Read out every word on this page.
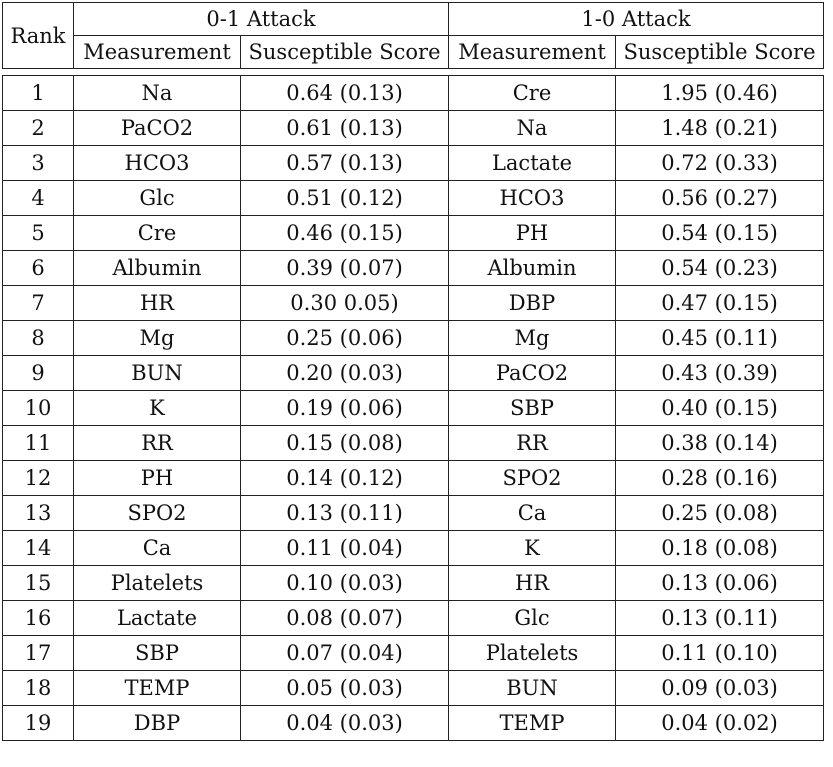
Rank	0-1 Attack		1-0 Attack	
	Measurement	Susceptible Score	Measurement	Susceptible Score

1	Na	0.64 (0.13)	Cre	1.95 (0.46)
2	PaCO2	0.61 (0.13)	Na	1.48 (0.21)
3	HCO3	0.57 (0.13)	Lactate	0.72 (0.33)
4	Glc	0.51 (0.12)	HCO3	0.56 (0.27)
5	Cre	0.46 (0.15)	PH	0.54 (0.15)
6	Albumin	0.39 (0.07)	Albumin	0.54 (0.23)
7	HR	0.30 0.05)	DBP	0.47 (0.15)
8	Mg	0.25 (0.06)	Mg	0.45 (0.11)
9	BUN	0.20 (0.03)	PaCO2	0.43 (0.39)
10	K	0.19 (0.06)	SBP	0.40 (0.15)
11	RR	0.15 (0.08)	RR	0.38 (0.14)
12	PH	0.14 (0.12)	SPO2	0.28 (0.16)
13	SPO2	0.13 (0.11)	Ca	0.25 (0.08)
14	Ca	0.11 (0.04)	K	0.18 (0.08)
15	Platelets	0.10 (0.03)	HR	0.13 (0.06)
16	Lactate	0.08 (0.07)	Glc	0.13 (0.11)
17	SBP	0.07 (0.04)	Platelets	0.11 (0.10)
18	TEMP	0.05 (0.03)	BUN	0.09 (0.03)
19	DBP	0.04 (0.03)	TEMP	0.04 (0.02)
